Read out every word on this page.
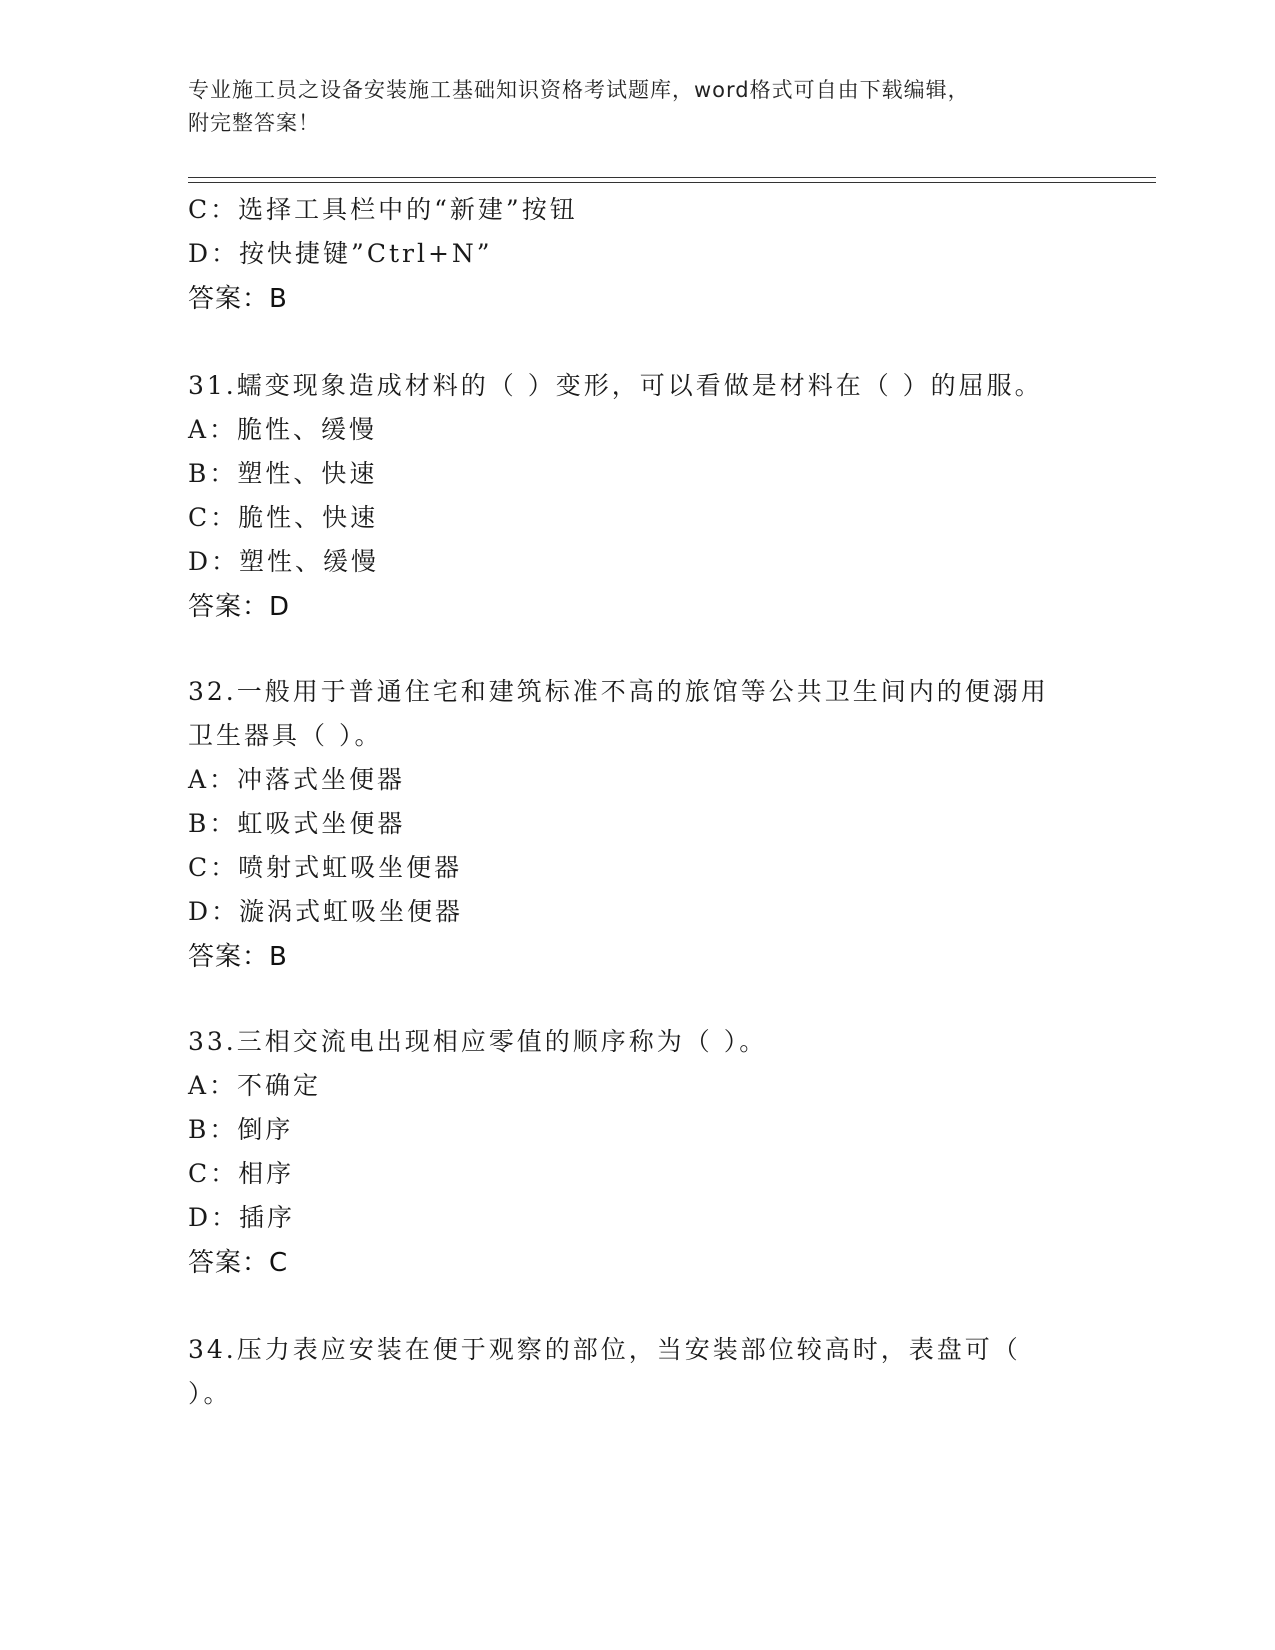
专业施工员之设备安装施工基础知识资格考试题库，word格式可自由下载编辑，
附完整答案！
C：选择工具栏中的“新建”按钮
D：按快捷键”Ctrl+N”
答案：B
31.蠕变现象造成材料的（ ）变形，可以看做是材料在（ ）的屈服。
A：脆性、缓慢
B：塑性、快速
C：脆性、快速
D：塑性、缓慢
答案：D
32.一般用于普通住宅和建筑标准不高的旅馆等公共卫生间内的便溺用
卫生器具（ ）。
A：冲落式坐便器
B：虹吸式坐便器
C：喷射式虹吸坐便器
D：漩涡式虹吸坐便器
答案：B
33.三相交流电出现相应零值的顺序称为（ ）。
A：不确定
B：倒序
C：相序
D：插序
答案：C
34.压力表应安装在便于观察的部位，当安装部位较高时，表盘可（
）。
